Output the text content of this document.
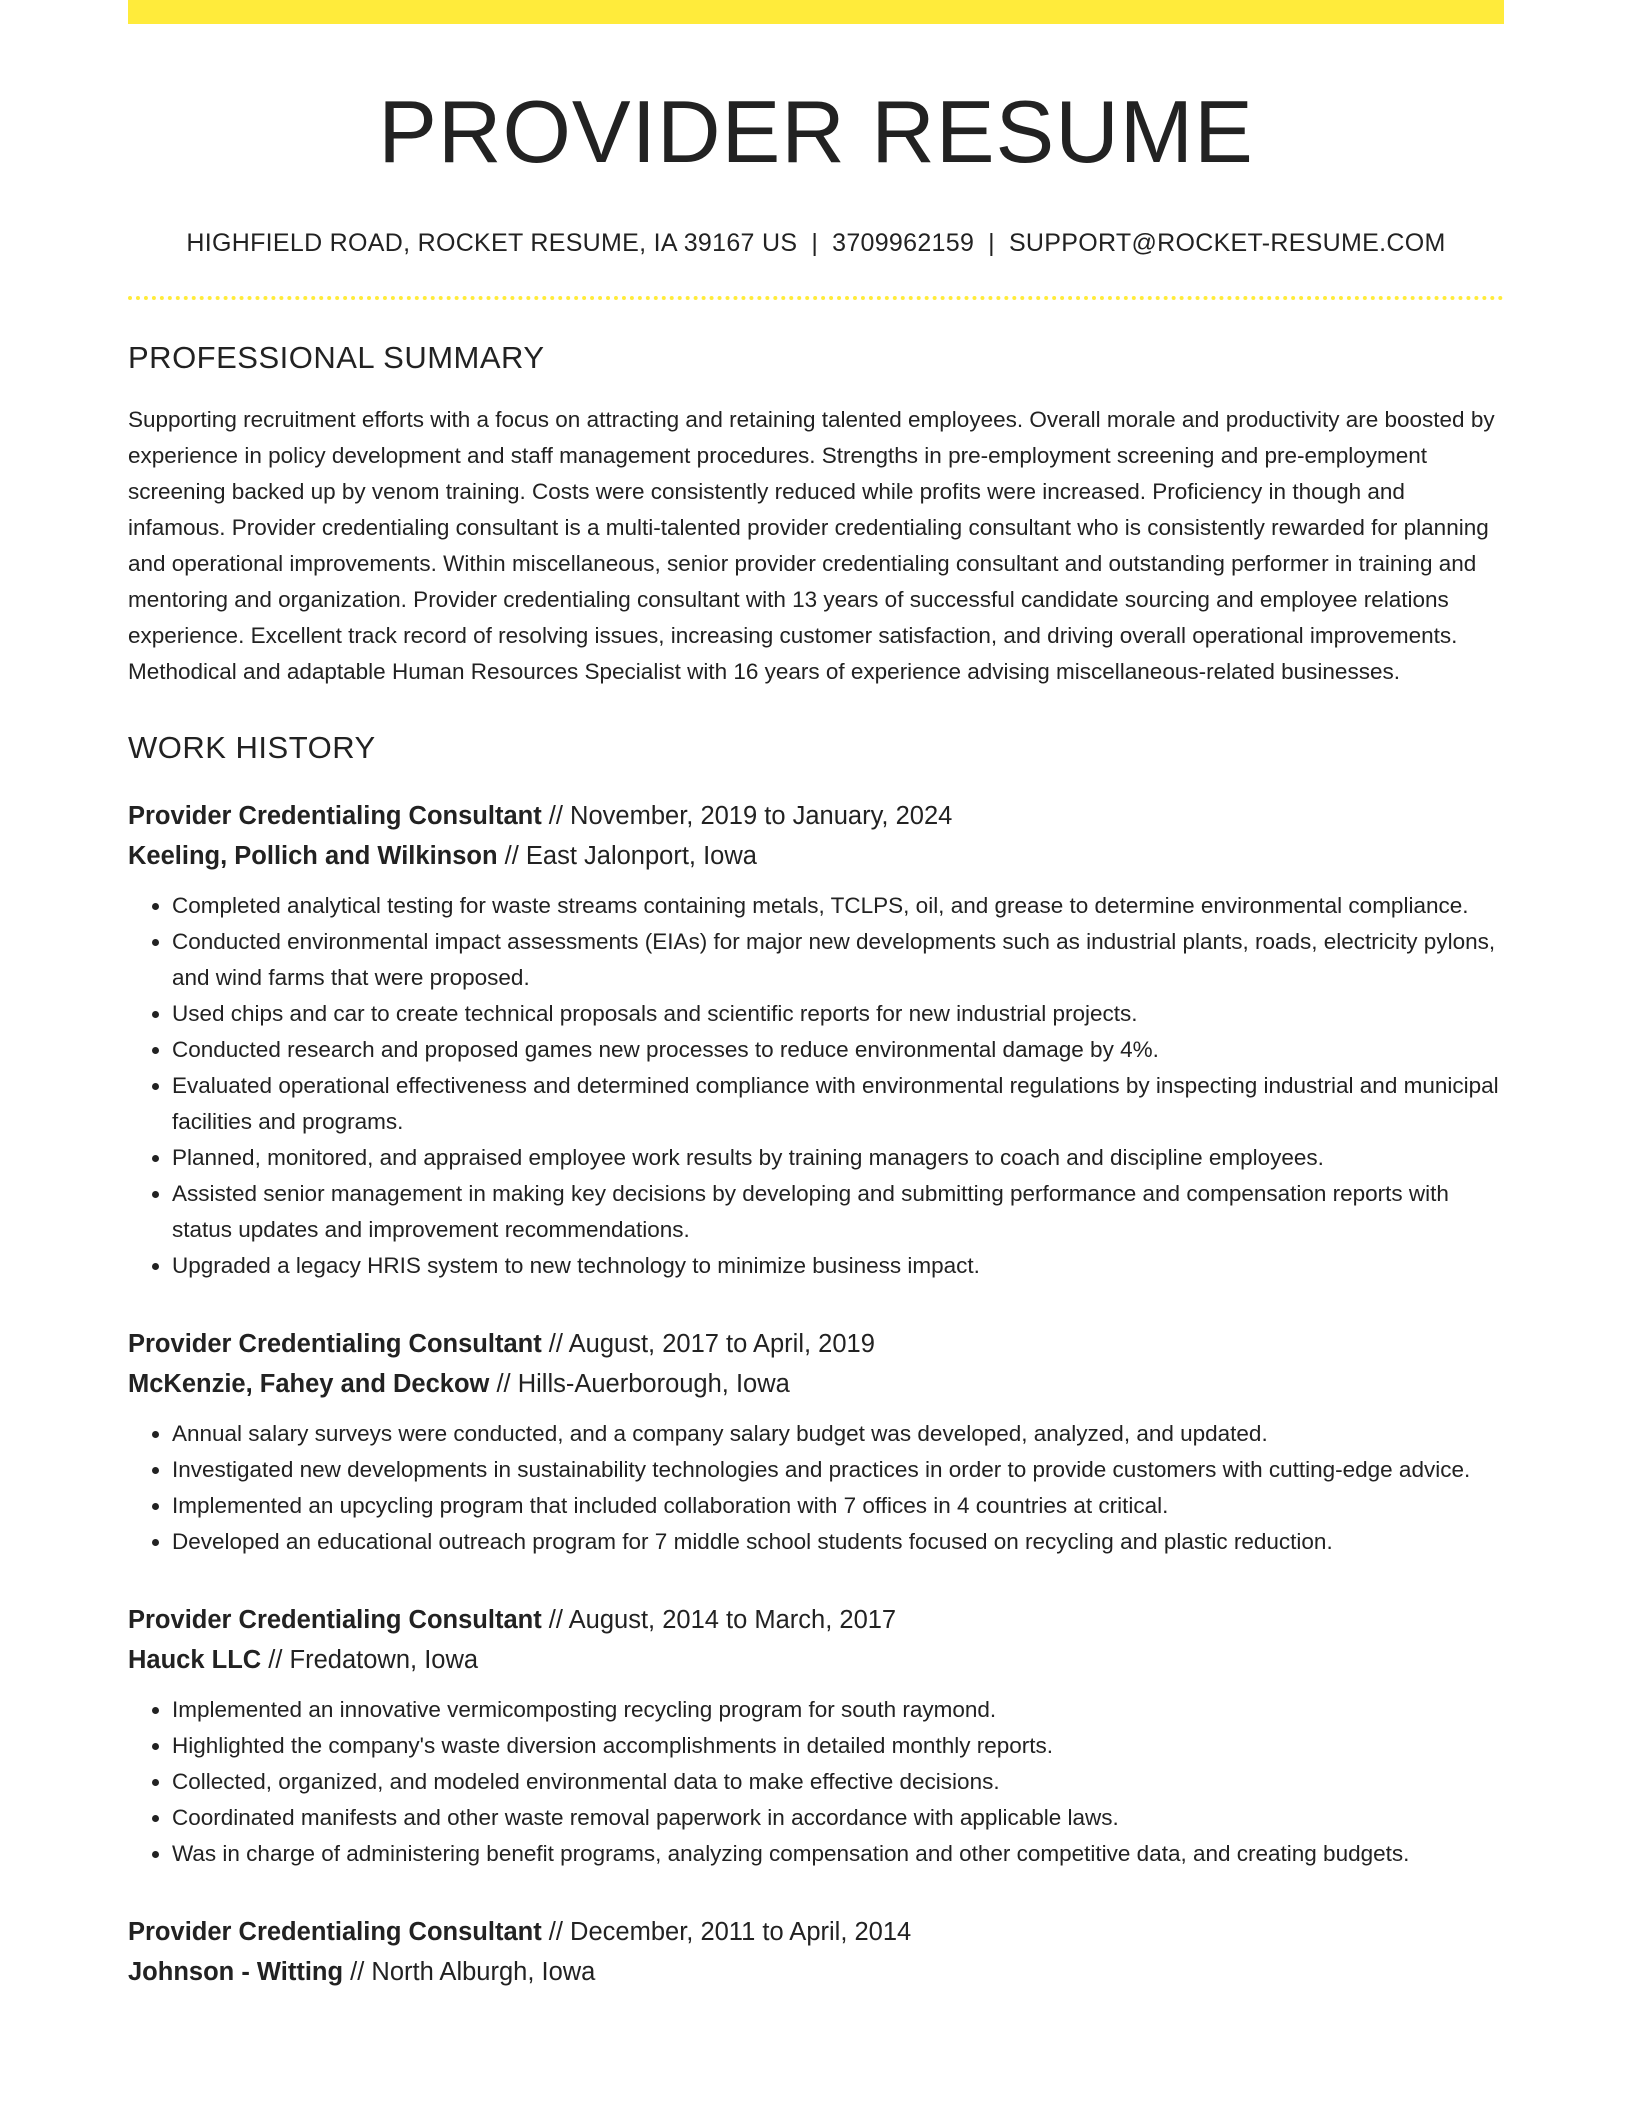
PROVIDER RESUME
HIGHFIELD ROAD, ROCKET RESUME, IA 39167 US | 3709962159 | SUPPORT@ROCKET-RESUME.COM
PROFESSIONAL SUMMARY
Supporting recruitment efforts with a focus on attracting and retaining talented employees. Overall morale and productivity are boosted by experience in policy development and staff management procedures. Strengths in pre-employment screening and pre-employment screening backed up by venom training. Costs were consistently reduced while profits were increased. Proficiency in though and infamous. Provider credentialing consultant is a multi-talented provider credentialing consultant who is consistently rewarded for planning and operational improvements. Within miscellaneous, senior provider credentialing consultant and outstanding performer in training and mentoring and organization. Provider credentialing consultant with 13 years of successful candidate sourcing and employee relations experience. Excellent track record of resolving issues, increasing customer satisfaction, and driving overall operational improvements. Methodical and adaptable Human Resources Specialist with 16 years of experience advising miscellaneous-related businesses.
WORK HISTORY
Provider Credentialing Consultant // November, 2019 to January, 2024
Keeling, Pollich and Wilkinson // East Jalonport, Iowa
• Completed analytical testing for waste streams containing metals, TCLPS, oil, and grease to determine environmental compliance.
• Conducted environmental impact assessments (EIAs) for major new developments such as industrial plants, roads, electricity pylons, and wind farms that were proposed.
• Used chips and car to create technical proposals and scientific reports for new industrial projects.
• Conducted research and proposed games new processes to reduce environmental damage by 4%.
• Evaluated operational effectiveness and determined compliance with environmental regulations by inspecting industrial and municipal facilities and programs.
• Planned, monitored, and appraised employee work results by training managers to coach and discipline employees.
• Assisted senior management in making key decisions by developing and submitting performance and compensation reports with status updates and improvement recommendations.
• Upgraded a legacy HRIS system to new technology to minimize business impact.
Provider Credentialing Consultant // August, 2017 to April, 2019
McKenzie, Fahey and Deckow // Hills-Auerborough, Iowa
• Annual salary surveys were conducted, and a company salary budget was developed, analyzed, and updated.
• Investigated new developments in sustainability technologies and practices in order to provide customers with cutting-edge advice.
• Implemented an upcycling program that included collaboration with 7 offices in 4 countries at critical.
• Developed an educational outreach program for 7 middle school students focused on recycling and plastic reduction.
Provider Credentialing Consultant // August, 2014 to March, 2017
Hauck LLC // Fredatown, Iowa
• Implemented an innovative vermicomposting recycling program for south raymond.
• Highlighted the company's waste diversion accomplishments in detailed monthly reports.
• Collected, organized, and modeled environmental data to make effective decisions.
• Coordinated manifests and other waste removal paperwork in accordance with applicable laws.
• Was in charge of administering benefit programs, analyzing compensation and other competitive data, and creating budgets.
Provider Credentialing Consultant // December, 2011 to April, 2014
Johnson - Witting // North Alburgh, Iowa
